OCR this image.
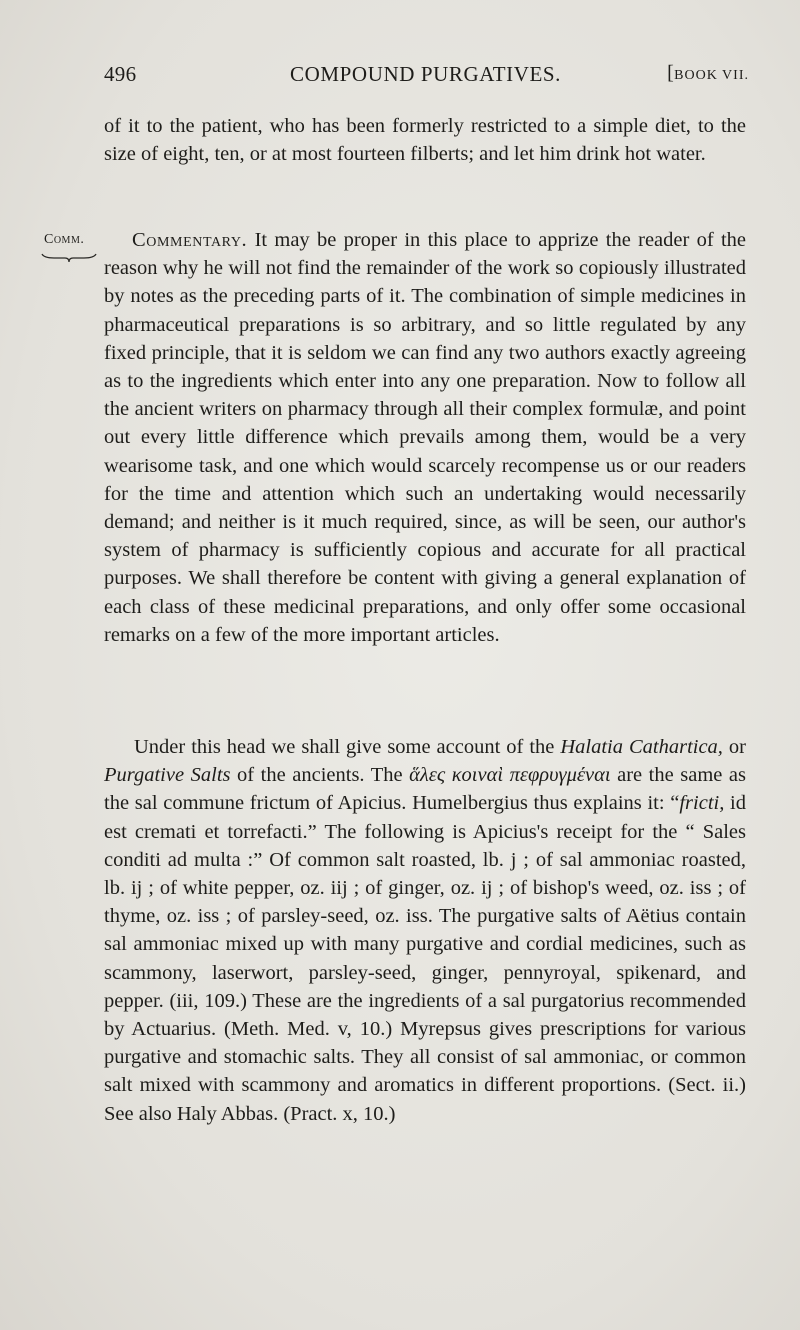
496	COMPOUND PURGATIVES.	[BOOK VII.
Comm.
of it to the patient, who has been formerly restricted to a simple diet, to the size of eight, ten, or at most fourteen filberts; and let him drink hot water.
Commentary. It may be proper in this place to apprize the reader of the reason why he will not find the remainder of the work so copiously illustrated by notes as the preceding parts of it. The combination of simple medicines in pharmaceutical preparations is so arbitrary, and so little regulated by any fixed principle, that it is seldom we can find any two authors exactly agreeing as to the ingredients which enter into any one preparation. Now to follow all the ancient writers on pharmacy through all their complex formulæ, and point out every little difference which prevails among them, would be a very wearisome task, and one which would scarcely recompense us or our readers for the time and attention which such an undertaking would necessarily demand; and neither is it much required, since, as will be seen, our author's system of pharmacy is sufficiently copious and accurate for all practical purposes. We shall therefore be content with giving a general explanation of each class of these medicinal preparations, and only offer some occasional remarks on a few of the more important articles.
Under this head we shall give some account of the Halatia Cathartica, or Purgative Salts of the ancients. The ἅλες κοιναὶ πεφρυγμέναι are the same as the sal commune frictum of Apicius. Humelbergius thus explains it: “fricti, id est cremati et torrefacti.” The following is Apicius's receipt for the “ Sales conditi ad multa :” Of common salt roasted, lb. j ; of sal ammoniac roasted, lb. ij ; of white pepper, oz. iij ; of ginger, oz. ij ; of bishop's weed, oz. iss ; of thyme, oz. iss ; of parsley-seed, oz. iss. The purgative salts of Aëtius contain sal ammoniac mixed up with many purgative and cordial medicines, such as scammony, laserwort, parsley-seed, ginger, pennyroyal, spikenard, and pepper. (iii, 109.) These are the ingredients of a sal purgatorius recommended by Actuarius. (Meth. Med. v, 10.) Myrepsus gives prescriptions for various purgative and stomachic salts. They all consist of sal ammoniac, or common salt mixed with scammony and aromatics in different proportions. (Sect. ii.) See also Haly Abbas. (Pract. x, 10.)
